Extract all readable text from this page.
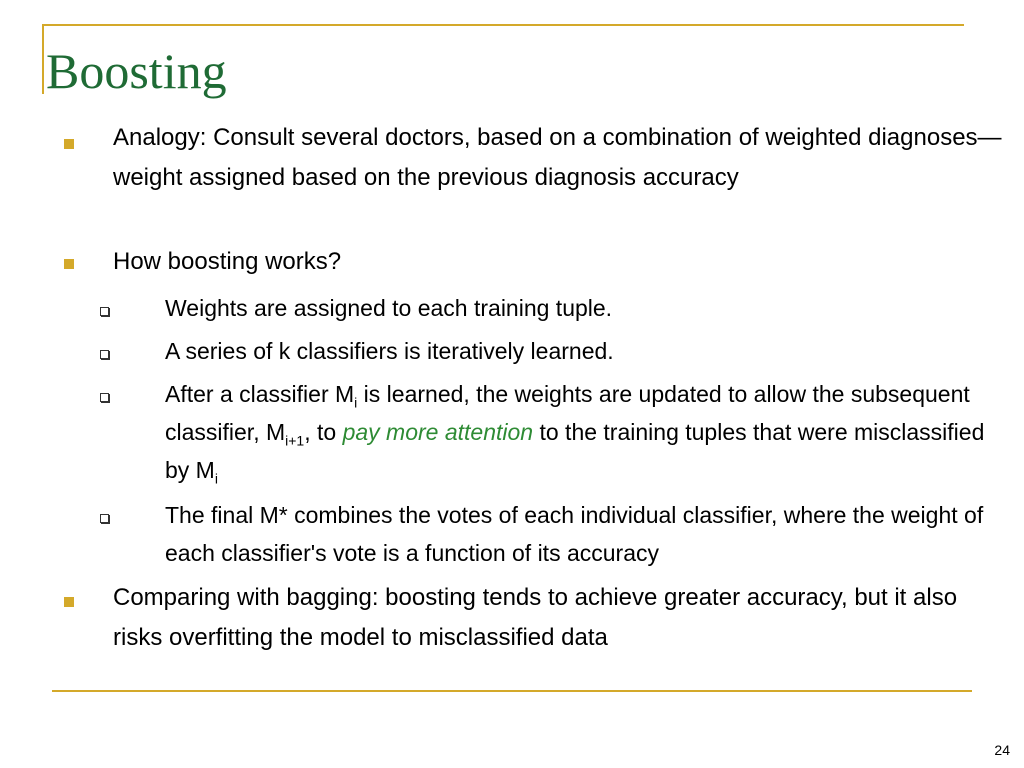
Boosting
Analogy: Consult several doctors, based on a combination of weighted diagnoses—weight assigned based on the previous diagnosis accuracy
How boosting works?
Weights are assigned to each training tuple.
A series of k classifiers is iteratively learned.
After a classifier $M_i$ is learned, the weights are updated to allow the subsequent classifier, $M_{i+1}$, to pay more attention to the training tuples that were misclassified by $M_i$
The final M* combines the votes of each individual classifier, where the weight of each classifier's vote is a function of its accuracy
Comparing with bagging: boosting tends to achieve greater accuracy, but it also risks overfitting the model to misclassified data
24
